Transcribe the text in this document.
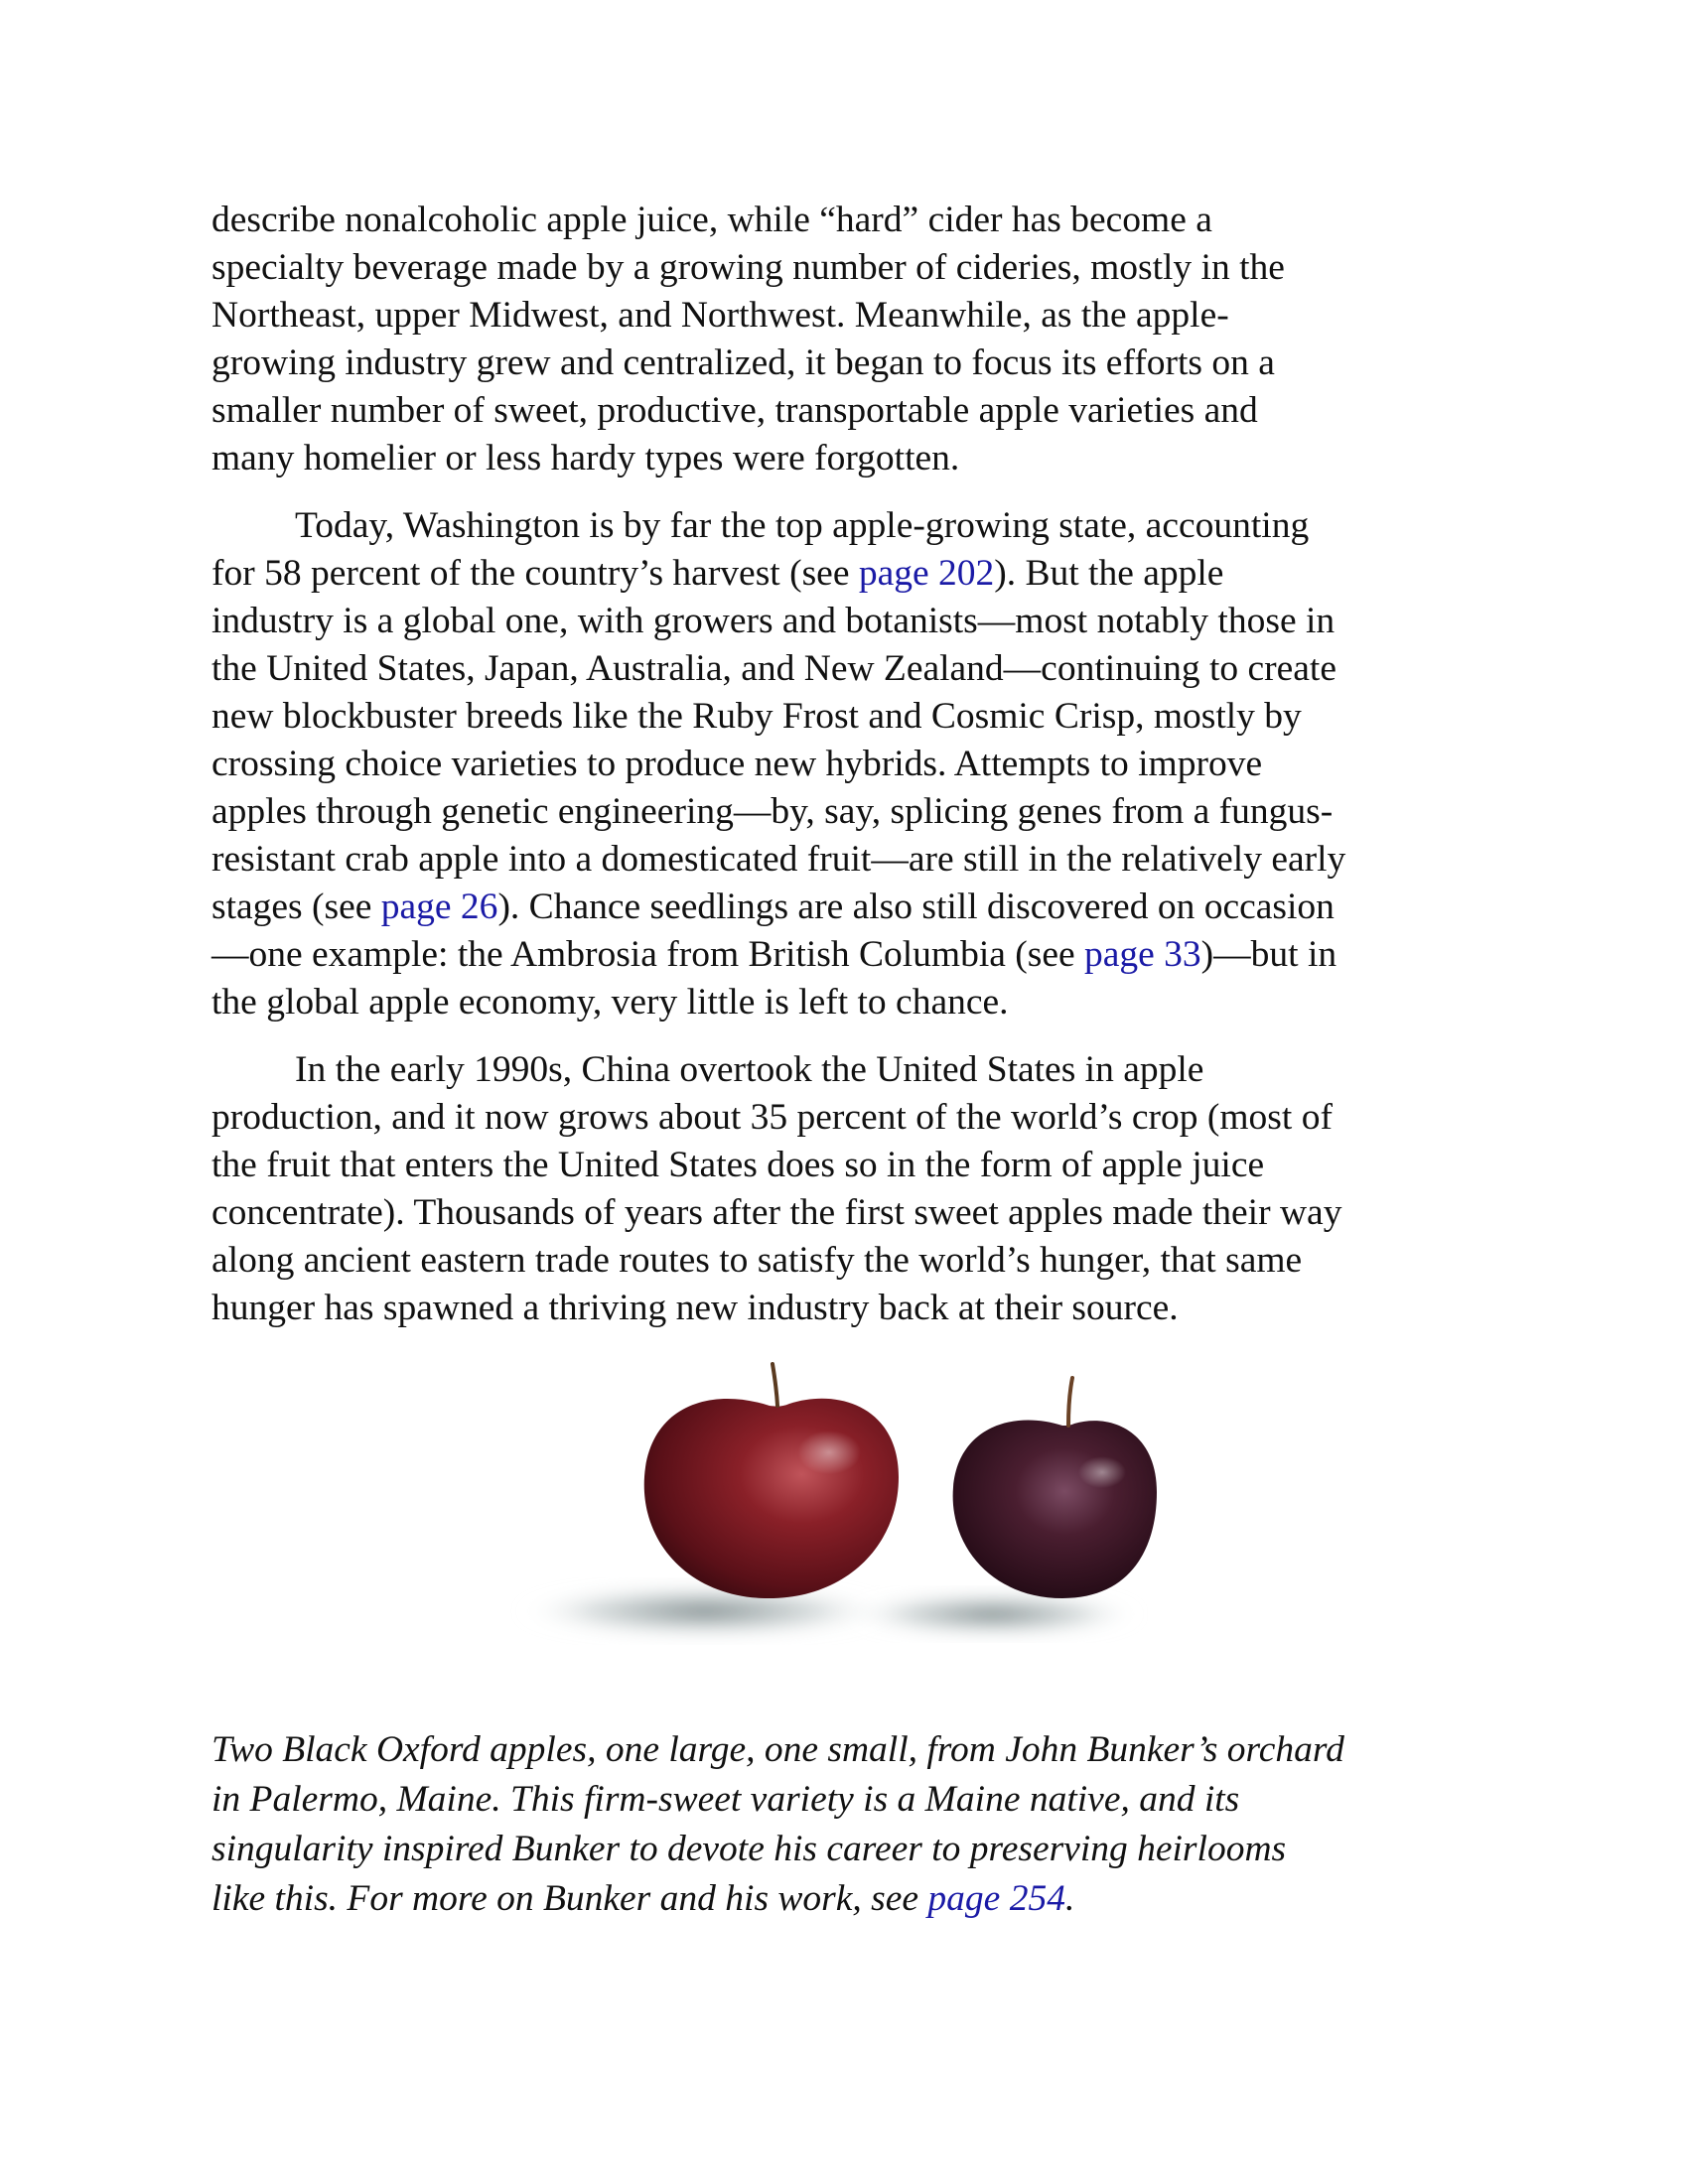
describe nonalcoholic apple juice, while “hard” cider has become a
specialty beverage made by a growing number of cideries, mostly in the
Northeast, upper Midwest, and Northwest. Meanwhile, as the apple-
growing industry grew and centralized, it began to focus its efforts on a
smaller number of sweet, productive, transportable apple varieties and
many homelier or less hardy types were forgotten.

Today, Washington is by far the top apple-growing state, accounting
for 58 percent of the country’s harvest (see page 202). But the apple
industry is a global one, with growers and botanists—most notably those in
the United States, Japan, Australia, and New Zealand—continuing to create
new blockbuster breeds like the Ruby Frost and Cosmic Crisp, mostly by
crossing choice varieties to produce new hybrids. Attempts to improve
apples through genetic engineering—by, say, splicing genes from a fungus-
resistant crab apple into a domesticated fruit—are still in the relatively early
stages (see page 26). Chance seedlings are also still discovered on occasion
—one example: the Ambrosia from British Columbia (see page 33)—but in
the global apple economy, very little is left to chance.

In the early 1990s, China overtook the United States in apple
production, and it now grows about 35 percent of the world’s crop (most of
the fruit that enters the United States does so in the form of apple juice
concentrate). Thousands of years after the first sweet apples made their way
along ancient eastern trade routes to satisfy the world’s hunger, that same
hunger has spawned a thriving new industry back at their source.

Two Black Oxford apples, one large, one small, from John Bunker’s orchard
in Palermo, Maine. This firm-sweet variety is a Maine native, and its
singularity inspired Bunker to devote his career to preserving heirlooms
like this. For more on Bunker and his work, see page 254.
